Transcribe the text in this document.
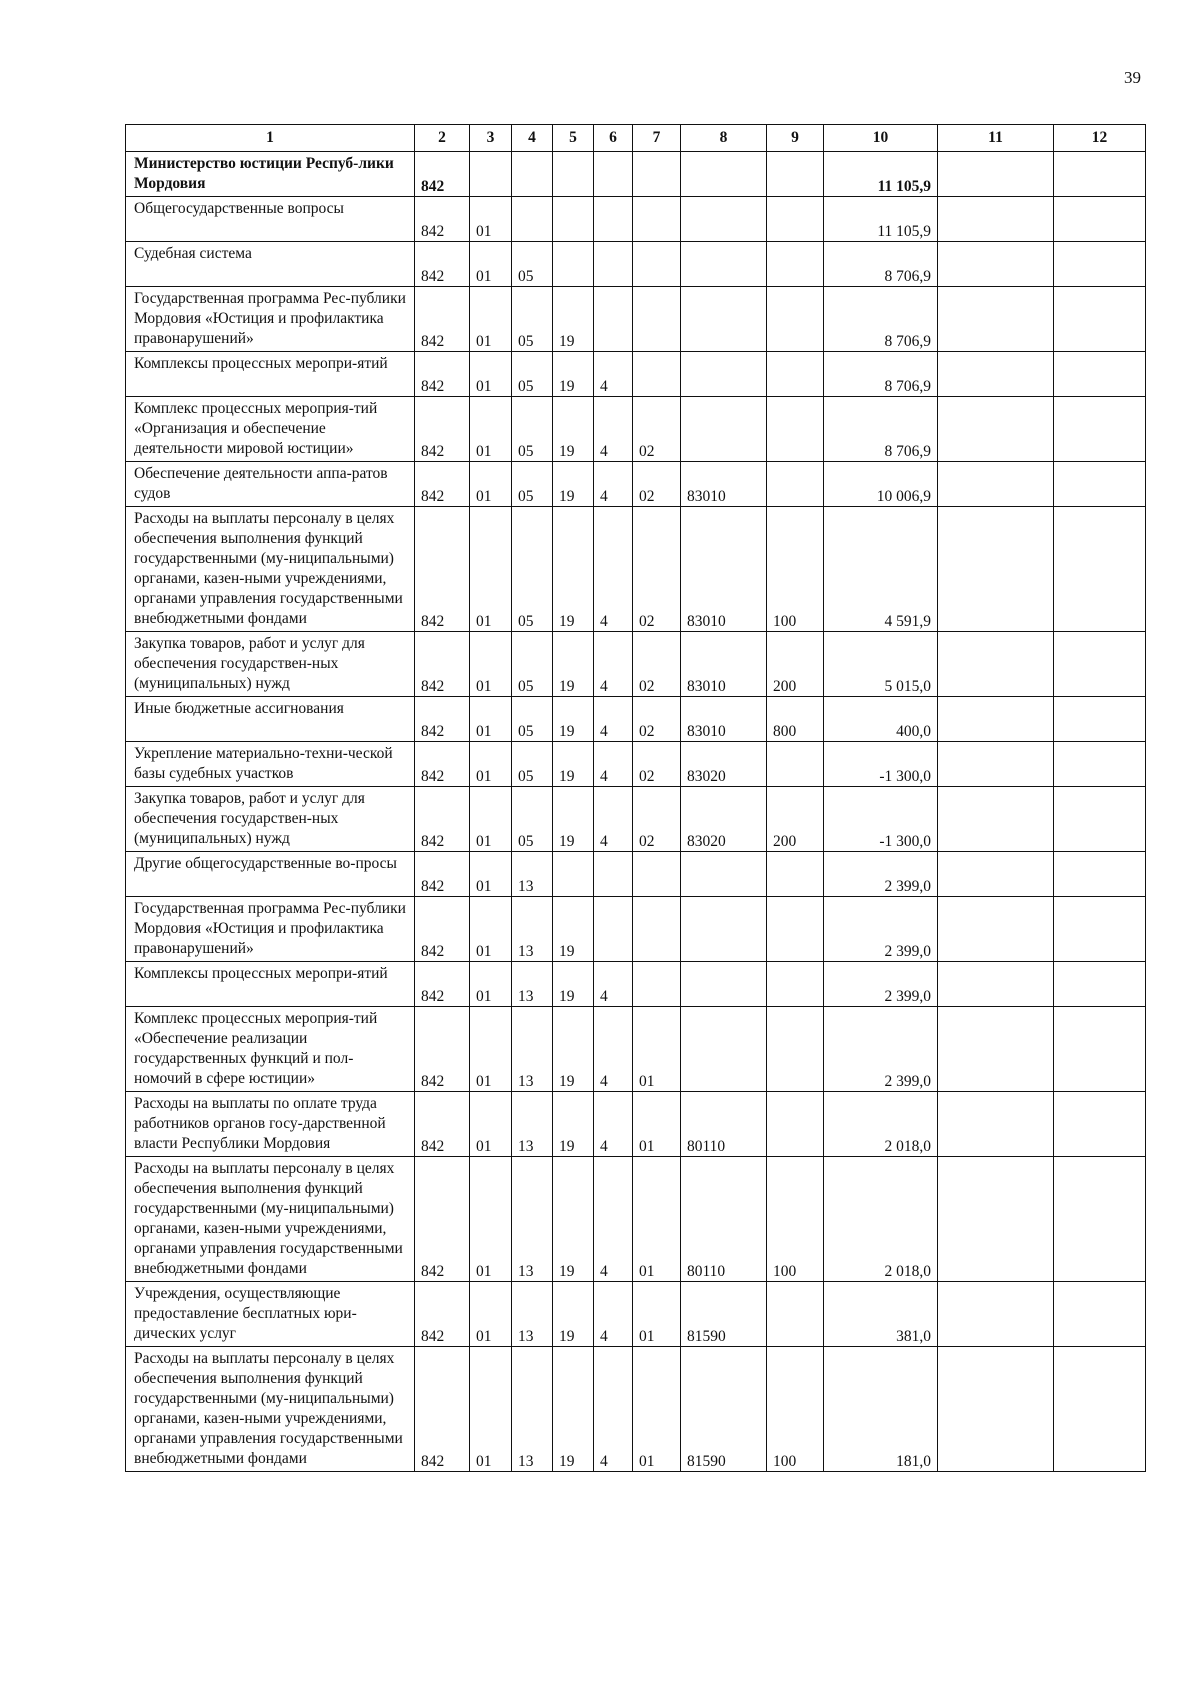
39
1	2	3	4	5	6	7	8	9	10	11	12
Министерство юстиции Респуб-лики Мордовия	842								11 105,9		
Общегосударственные вопросы	842	01							11 105,9		
Судебная система	842	01	05						8 706,9		
Государственная программа Рес-публики Мордовия «Юстиция и профилактика правонарушений»	842	01	05	19					8 706,9		
Комплексы процессных меропри-ятий	842	01	05	19	4				8 706,9		
Комплекс процессных мероприя-тий «Организация и обеспечение деятельности мировой юстиции»	842	01	05	19	4	02			8 706,9		
Обеспечение деятельности аппа-ратов судов	842	01	05	19	4	02	83010		10 006,9		
Расходы на выплаты персоналу в целях обеспечения выполнения функций государственными (му-ниципальными) органами, казен-ными учреждениями, органами управления государственными внебюджетными фондами	842	01	05	19	4	02	83010	100	4 591,9		
Закупка товаров, работ и услуг для обеспечения государствен-ных (муниципальных) нужд	842	01	05	19	4	02	83010	200	5 015,0		
Иные бюджетные ассигнования	842	01	05	19	4	02	83010	800	400,0		
Укрепление материально-техни-ческой базы судебных участков	842	01	05	19	4	02	83020		-1 300,0		
Закупка товаров, работ и услуг для обеспечения государствен-ных (муниципальных) нужд	842	01	05	19	4	02	83020	200	-1 300,0		
Другие общегосударственные во-просы	842	01	13						2 399,0		
Государственная программа Рес-публики Мордовия «Юстиция и профилактика правонарушений»	842	01	13	19					2 399,0		
Комплексы процессных меропри-ятий	842	01	13	19	4				2 399,0		
Комплекс процессных мероприя-тий «Обеспечение реализации государственных функций и пол-номочий в сфере юстиции»	842	01	13	19	4	01			2 399,0		
Расходы на выплаты по оплате труда работников органов госу-дарственной власти Республики Мордовия	842	01	13	19	4	01	80110		2 018,0		
Расходы на выплаты персоналу в целях обеспечения выполнения функций государственными (му-ниципальными) органами, казен-ными учреждениями, органами управления государственными внебюджетными фондами	842	01	13	19	4	01	80110	100	2 018,0		
Учреждения, осуществляющие предоставление бесплатных юри-дических услуг	842	01	13	19	4	01	81590		381,0		
Расходы на выплаты персоналу в целях обеспечения выполнения функций государственными (му-ниципальными) органами, казен-ными учреждениями, органами управления государственными внебюджетными фондами	842	01	13	19	4	01	81590	100	181,0		
